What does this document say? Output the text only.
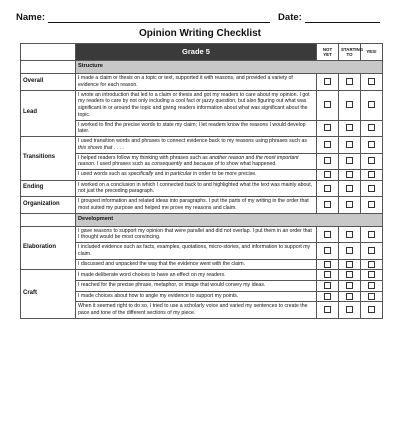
Name:	Date:
Opinion Writing Checklist
	Grade 5	NOT YET	STARTING TO	YES!
	Structure			
Overall	I made a claim or thesis on a topic or text, supported it with reasons, and provided a variety of evidence for each reason.			
Lead	I wrote an introduction that led to a claim or thesis and got my readers to care about my opinion. I got my readers to care by not only including a cool fact or jazzy question, but also figuring out what was significant in or around the topic and giving readers information about what was significant about the topic.			
	I worked to find the precise words to state my claim; I let readers know the reasons I would develop later.			
Transitions	I used transition words and phrases to connect evidence back to my reasons using phrases such as this shows that . . . .			
	I helped readers follow my thinking with phrases such as another reason and the most important reason. I used phrases such as consequently and because of to show what happened.			
	I used words such as specifically and in particular in order to be more precise.			
Ending	I worked on a conclusion in which I connected back to and highlighted what the text was mainly about, not just the preceding paragraph.			
Organization	I grouped information and related ideas into paragraphs. I put the parts of my writing in the order that most suited my purpose and helped me prove my reasons and claim.			
	Development			
Elaboration	I gave reasons to support my opinion that were parallel and did not overlap. I put them in an order that I thought would be most convincing.			
	I included evidence such as facts, examples, quotations, micro-stories, and information to support my claim.			
	I discussed and unpacked the way that the evidence went with the claim.			
Craft	I made deliberate word choices to have an effect on my readers.			
	I reached for the precise phrase, metaphor, or image that would convey my ideas.			
	I made choices about how to angle my evidence to support my points.			
	When it seemed right to do so, I tried to use a scholarly voice and varied my sentences to create the pace and tone of the different sections of my piece.			
